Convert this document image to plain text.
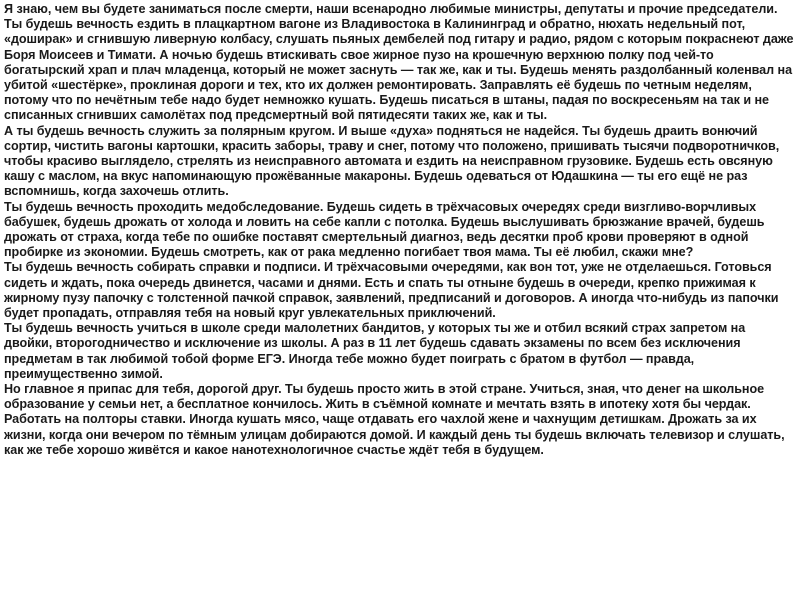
Я знаю, чем вы будете заниматься после смерти, наши всенародно любимые министры, депутаты и прочие председатели.

Ты будешь вечность ездить в плацкартном вагоне из Владивостока в Калининград и обратно, нюхать недельный пот, «доширак» и сгнившую ливерную колбасу, слушать пьяных дембелей под гитару и радио, рядом с которым покраснеют даже Боря Моисеев и Тимати. А ночью будешь втискивать свое жирное пузо на крошечную верхнюю полку под чей-то богатырский храп и плач младенца, который не может заснуть — так же, как и ты. Будешь менять раздолбанный коленвал на убитой «шестёрке», проклиная дороги и тех, кто их должен ремонтировать. Заправлять её будешь по четным неделям, потому что по нечётным тебе надо будет немножко кушать. Будешь писаться в штаны, падая по воскресеньям на так и не списанных сгнивших самолётах под предсмертный вой пятидесяти таких же, как и ты.

А ты будешь вечность служить за полярным кругом. И выше «духа» подняться не надейся. Ты будешь драить вонючий сортир, чистить вагоны картошки, красить заборы, траву и снег, потому что положено, пришивать тысячи подворотничков, чтобы красиво выглядело, стрелять из неисправного автомата и ездить на неисправном грузовике. Будешь есть овсяную кашу с маслом, на вкус напоминающую прожёванные макароны. Будешь одеваться от Юдашкина — ты его ещё не раз вспомнишь, когда захочешь отлить.

Ты будешь вечность проходить медобследование. Будешь сидеть в трёхчасовых очередях среди визгливо-ворчливых бабушек, будешь дрожать от холода и ловить на себе капли с потолка. Будешь выслушивать брюзжание врачей, будешь дрожать от страха, когда тебе по ошибке поставят смертельный диагноз, ведь десятки проб крови проверяют в одной пробирке из экономии. Будешь смотреть, как от рака медленно погибает твоя мама. Ты её любил, скажи мне?

Ты будешь вечность собирать справки и подписи. И трёхчасовыми очередями, как вон тот, уже не отделаешься. Готовься сидеть и ждать, пока очередь двинется, часами и днями. Есть и спать ты отныне будешь в очереди, крепко прижимая к жирному пузу папочку с толстенной пачкой справок, заявлений, предписаний и договоров. А иногда что-нибудь из папочки будет пропадать, отправляя тебя на новый круг увлекательных приключений.

Ты будешь вечность учиться в школе среди малолетних бандитов, у которых ты же и отбил всякий страх запретом на двойки, второгодничество и исключение из школы. А раз в 11 лет будешь сдавать экзамены по всем без исключения предметам в так любимой тобой форме ЕГЭ. Иногда тебе можно будет поиграть с братом в футбол — правда, преимущественно зимой.

Но главное я припас для тебя, дорогой друг. Ты будешь просто жить в этой стране. Учиться, зная, что денег на школьное образование у семьи нет, а бесплатное кончилось. Жить в съёмной комнате и мечтать взять в ипотеку хотя бы чердак. Работать на полторы ставки. Иногда кушать мясо, чаще отдавать его чахлой жене и чахнущим детишкам. Дрожать за их жизни, когда они вечером по тёмным улицам добираются домой. И каждый день ты будешь включать телевизор и слушать, как же тебе хорошо живётся и какое нанотехнологичное счастье ждёт тебя в будущем.
